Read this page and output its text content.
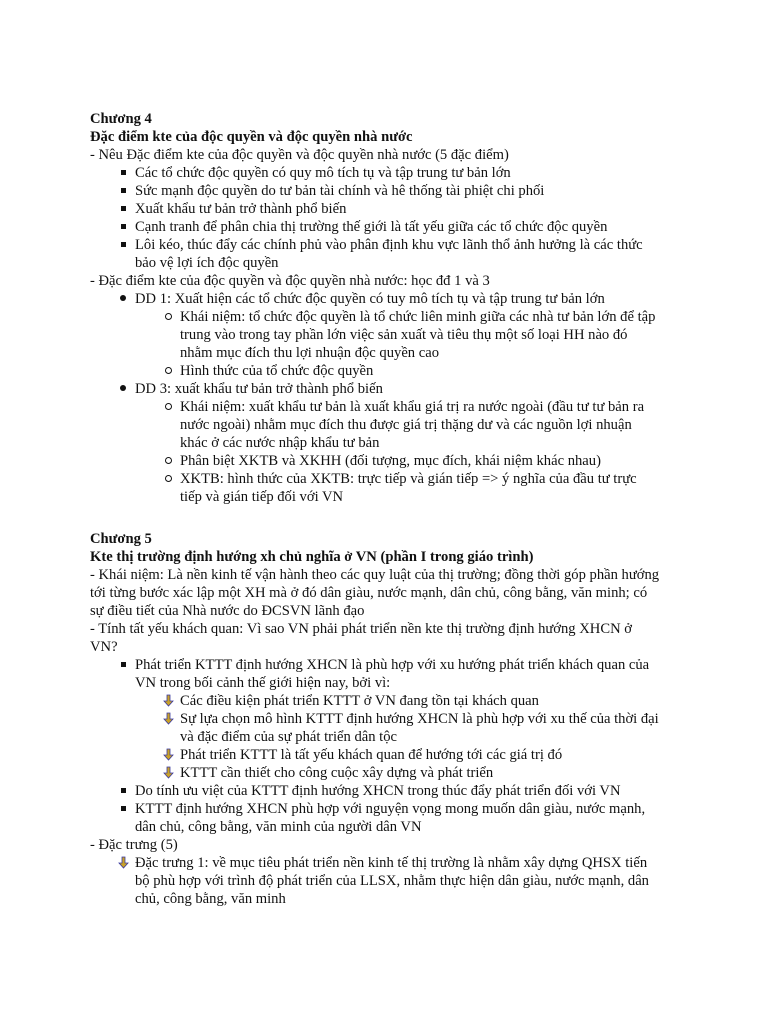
Chương 4
Đặc điểm kte của độc quyền và độc quyền nhà nước
- Nêu Đặc điểm kte của độc quyền và độc quyền nhà nước (5 đặc điểm)
Các tổ chức độc quyền có quy mô tích tụ và tập trung tư bản lớn
Sức mạnh độc quyền do tư bản tài chính và hê thống tài phiệt chi phối
Xuất khẩu tư bản trở thành phổ biến
Cạnh tranh để phân chia thị trường thế giới là tất yếu giữa các tổ chức độc quyền
Lôi kéo, thúc đẩy các chính phủ vào phân định khu vực lãnh thổ ảnh hưởng là các thức
bảo vệ lợi ích độc quyền
- Đặc điểm kte của độc quyền và độc quyền nhà nước: học đđ 1 và 3
DD 1: Xuất hiện các tổ chức độc quyền có tuy mô tích tụ và tập trung tư bản lớn
Khái niệm: tổ chức độc quyền là tổ chức liên minh giữa các nhà tư bản lớn để tập
trung vào trong tay phần lớn việc sản xuất và tiêu thụ một số loại HH nào đó
nhằm mục đích thu lợi nhuận độc quyền cao
Hình thức của tổ chức độc quyền
DD 3: xuất khẩu tư bản trở thành phổ biến
Khái niệm: xuất khẩu tư bản là xuất khẩu giá trị ra nước ngoài (đầu tư tư bản ra
nước ngoài) nhằm mục đích thu được giá trị thặng dư và các nguồn lợi nhuận
khác ở các nước nhập khẩu tư bản
Phân biệt XKTB và XKHH (đối tượng, mục đích, khái niệm khác nhau)
XKTB: hình thức của XKTB: trực tiếp và gián tiếp => ý nghĩa của đầu tư trực
tiếp và gián tiếp đối với VN
Chương 5
Kte thị trường định hướng xh chủ nghĩa ở VN (phần I trong giáo trình)
- Khái niệm: Là nền kinh tế vận hành theo các quy luật của thị trường; đồng thời góp phần hướng
tới từng bước xác lập một XH mà ở đó dân giàu, nước mạnh, dân chủ, công bằng, văn minh; có
sự điều tiết của Nhà nước do ĐCSVN lãnh đạo
- Tính tất yếu khách quan: Vì sao VN phải phát triển nền kte thị trường định hướng XHCN ở
VN?
Phát triển KTTT định hướng XHCN là phù hợp với xu hướng phát triển khách quan của
VN trong bối cảnh thế giới hiện nay, bởi vì:
Các điều kiện phát triển KTTT ở VN đang tồn tại khách quan
Sự lựa chọn mô hình KTTT định hướng XHCN là phù hợp với xu thế của thời đại
và đặc điểm của sự phát triển dân tộc
Phát triển KTTT là tất yếu khách quan để hướng tới các giá trị đó
KTTT cần thiết cho công cuộc xây dựng và phát triển
Do tính ưu việt của KTTT định hướng XHCN trong thúc đẩy phát triển đối với VN
KTTT định hướng XHCN phù hợp với nguyện vọng mong muốn dân giàu, nước mạnh,
dân chủ, công bằng, văn minh của người dân VN
- Đặc trưng (5)
Đặc trưng 1: về mục tiêu phát triển nền kinh tế thị trường là nhằm xây dựng QHSX tiến
bộ phù hợp với trình độ phát triển của LLSX, nhằm thực hiện dân giàu, nước mạnh, dân
chủ, công bằng, văn minh
